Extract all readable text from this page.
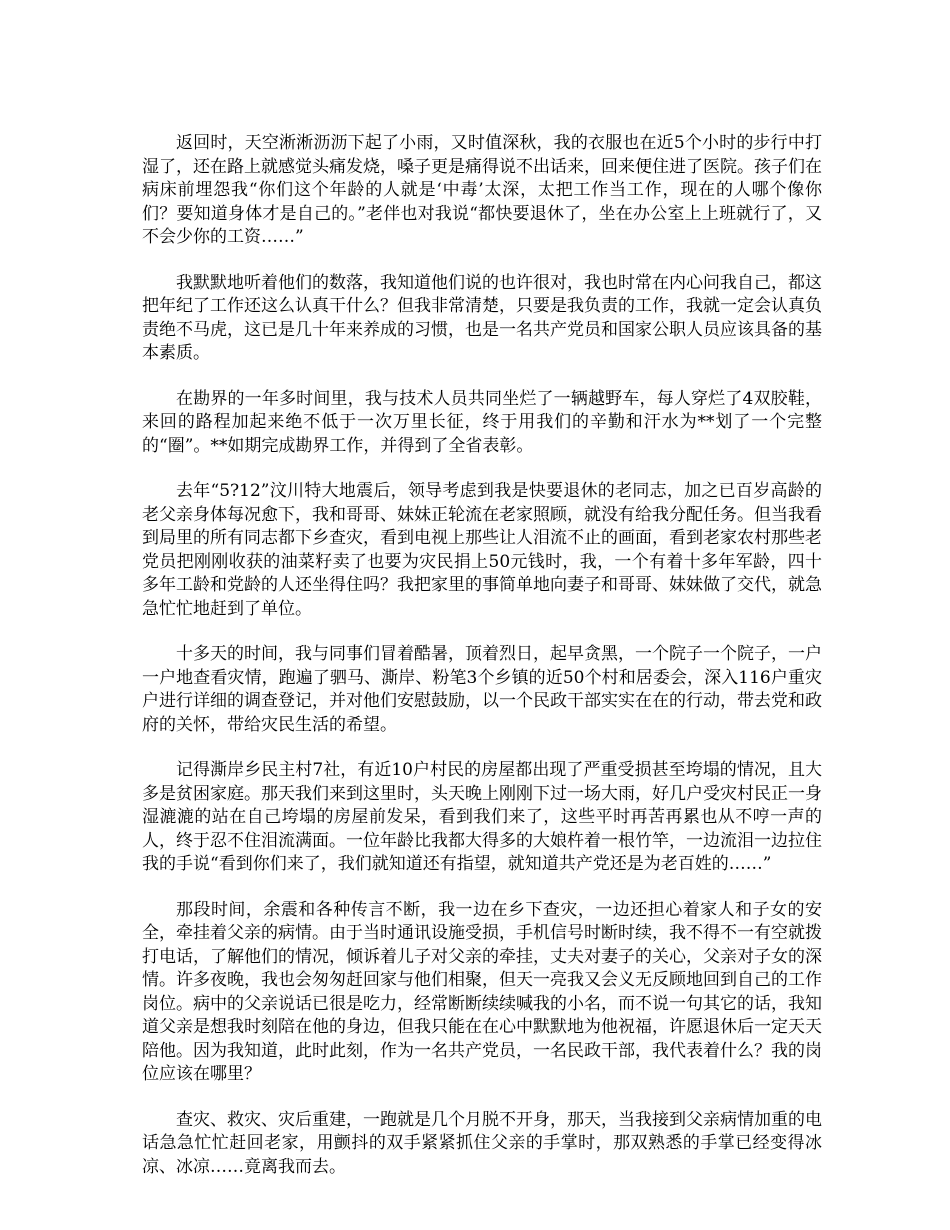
返回时，天空淅淅沥沥下起了小雨，又时值深秋，我的衣服也在近5个小时的步行中打湿了，还在路上就感觉头痛发烧，嗓子更是痛得说不出话来，回来便住进了医院。孩子们在病床前埋怨我“你们这个年龄的人就是‘中毒’太深，太把工作当工作，现在的人哪个像你们？要知道身体才是自己的。”老伴也对我说“都快要退休了，坐在办公室上上班就行了，又不会少你的工资……”

我默默地听着他们的数落，我知道他们说的也许很对，我也时常在内心问我自己，都这把年纪了工作还这么认真干什么？但我非常清楚，只要是我负责的工作，我就一定会认真负责绝不马虎，这已是几十年来养成的习惯，也是一名共产党员和国家公职人员应该具备的基本素质。

在勘界的一年多时间里，我与技术人员共同坐烂了一辆越野车，每人穿烂了4双胶鞋，来回的路程加起来绝不低于一次万里长征，终于用我们的辛勤和汗水为**划了一个完整的“圈”。**如期完成勘界工作，并得到了全省表彰。

去年“5?12”汶川特大地震后，领导考虑到我是快要退休的老同志，加之已百岁高龄的老父亲身体每况愈下，我和哥哥、妹妹正轮流在老家照顾，就没有给我分配任务。但当我看到局里的所有同志都下乡查灾，看到电视上那些让人泪流不止的画面，看到老家农村那些老党员把刚刚收获的油菜籽卖了也要为灾民捐上50元钱时，我，一个有着十多年军龄，四十多年工龄和党龄的人还坐得住吗？我把家里的事简单地向妻子和哥哥、妹妹做了交代，就急急忙忙地赶到了单位。

十多天的时间，我与同事们冒着酷暑，顶着烈日，起早贪黑，一个院子一个院子，一户一户地查看灾情，跑遍了驷马、澌岸、粉笔3个乡镇的近50个村和居委会，深入116户重灾户进行详细的调查登记，并对他们安慰鼓励，以一个民政干部实实在在的行动，带去党和政府的关怀，带给灾民生活的希望。

记得澌岸乡民主村7社，有近10户村民的房屋都出现了严重受损甚至垮塌的情况，且大多是贫困家庭。那天我们来到这里时，头天晚上刚刚下过一场大雨，好几户受灾村民正一身湿漉漉的站在自己垮塌的房屋前发呆，看到我们来了，这些平时再苦再累也从不哼一声的人，终于忍不住泪流满面。一位年龄比我都大得多的大娘杵着一根竹竿，一边流泪一边拉住我的手说“看到你们来了，我们就知道还有指望，就知道共产党还是为老百姓的……”

那段时间，余震和各种传言不断，我一边在乡下查灾，一边还担心着家人和子女的安全，牵挂着父亲的病情。由于当时通讯设施受损，手机信号时断时续，我不得不一有空就拨打电话，了解他们的情况，倾诉着儿子对父亲的牵挂，丈夫对妻子的关心，父亲对子女的深情。许多夜晚，我也会匆匆赶回家与他们相聚，但天一亮我又会义无反顾地回到自己的工作岗位。病中的父亲说话已很是吃力，经常断断续续喊我的小名，而不说一句其它的话，我知道父亲是想我时刻陪在他的身边，但我只能在在心中默默地为他祝福，许愿退休后一定天天陪他。因为我知道，此时此刻，作为一名共产党员，一名民政干部，我代表着什么？我的岗位应该在哪里？

查灾、救灾、灾后重建，一跑就是几个月脱不开身，那天，当我接到父亲病情加重的电话急急忙忙赶回老家，用颤抖的双手紧紧抓住父亲的手掌时，那双熟悉的手掌已经变得冰凉、冰凉……竟离我而去。
